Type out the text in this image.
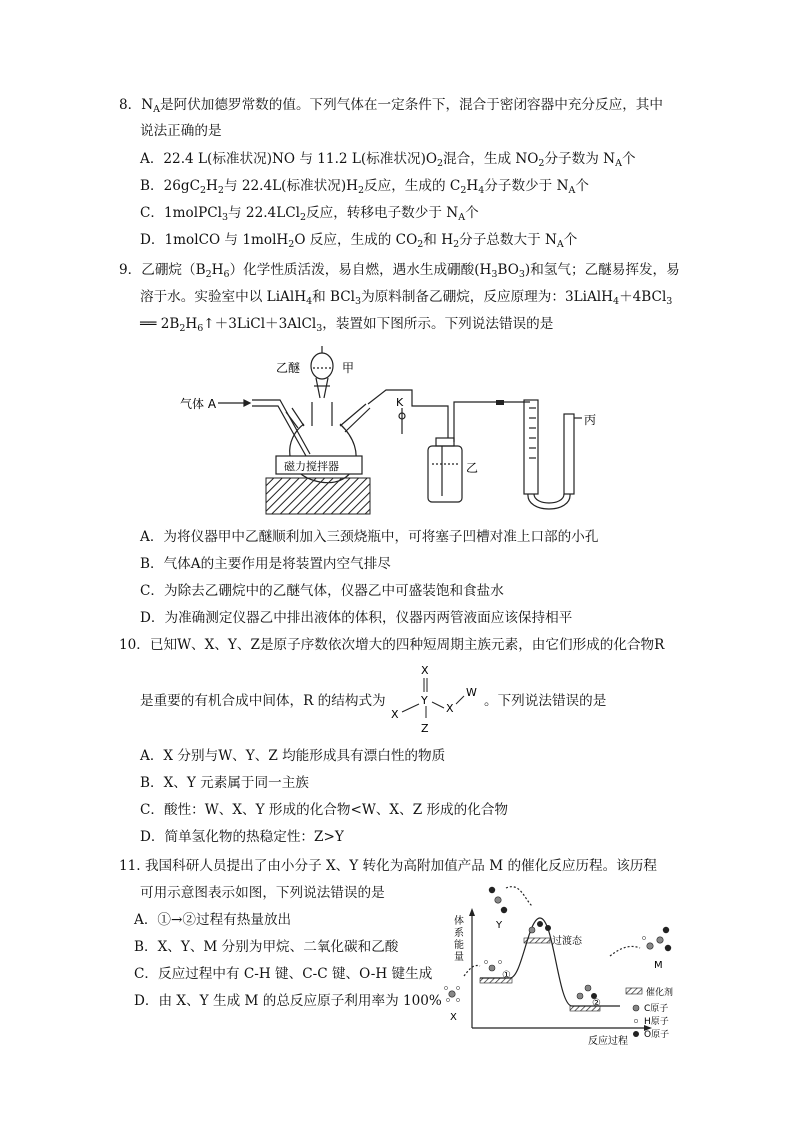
8．$N_A$是阿伏加德罗常数的值。下列气体在一定条件下，混合于密闭容器中充分反应，其中
说法正确的是
A．22.4 L(标准状况)NO 与 11.2 L(标准状况)$O_2$混合，生成 $NO_2$分子数为 $N_A$个
B．$26gC_2H_2$与 22.4L(标准状况)$H_2$反应，生成的 $C_2H_4$分子数少于 $N_A$个
C．1molPCl$_3$与 22.4LCl$_2$反应，转移电子数少于 $N_A$个
D．1molCO 与 1molH$_2$O 反应，生成的 $CO_2$和 $H_2$分子总数大于 $N_A$个
9．乙硼烷$(B_2H_6)$化学性质活泼，易自燃，遇水生成硼酸$(H_3BO_3)$和氢气；乙醚易挥发，易
溶于水。实验室中以 LiAlH$_4$和 BCl$_3$为原料制备乙硼烷，反应原理为：3LiAlH$_4$＋4BCl$_3$
══ $2B_2H_6↑+3LiCl+3AlCl_3$，装置如下图所示。下列说法错误的是
乙醚	甲
气体 A	K
乙
丙
磁力搅拌器
A．为将仪器甲中乙醚顺利加入三颈烧瓶中，可将塞子凹槽对准上口部的小孔
B．气体A的主要作用是将装置内空气排尽
C．为除去乙硼烷中的乙醚气体，仪器乙中可盛装饱和食盐水
D．为准确测定仪器乙中排出液体的体积，仪器丙两管液面应该保持相平
10．已知W、X、Y、Z是原子序数依次增大的四种短周期主族元素，由它们形成的化合物R
是重要的有机合成中间体，R 的结构式为
X
Y
X	X
W
Z
。下列说法错误的是
A．X 分别与W、Y、Z 均能形成具有漂白性的物质
B．X、Y 元素属于同一主族
C．酸性：W、X、Y 形成的化合物<W、X、Z 形成的化合物
D．简单氢化物的热稳定性：Z>Y
11. 我国科研人员提出了由小分子 X、Y 转化为高附加值产品 M 的催化反应历程。该历程
可用示意图表示如图，下列说法错误的是
A．①→②过程有热量放出
B．X、Y、M 分别为甲烷、二氧化碳和乙酸
C．反应过程中有 C-H 键、C-C 键、O-H 键生成
D．由 X、Y 生成 M 的总反应原子利用率为 100%
体
系
能
量
反应过程
Y
X
M
过渡态
①
②
催化剂
C原子
H原子
O原子
